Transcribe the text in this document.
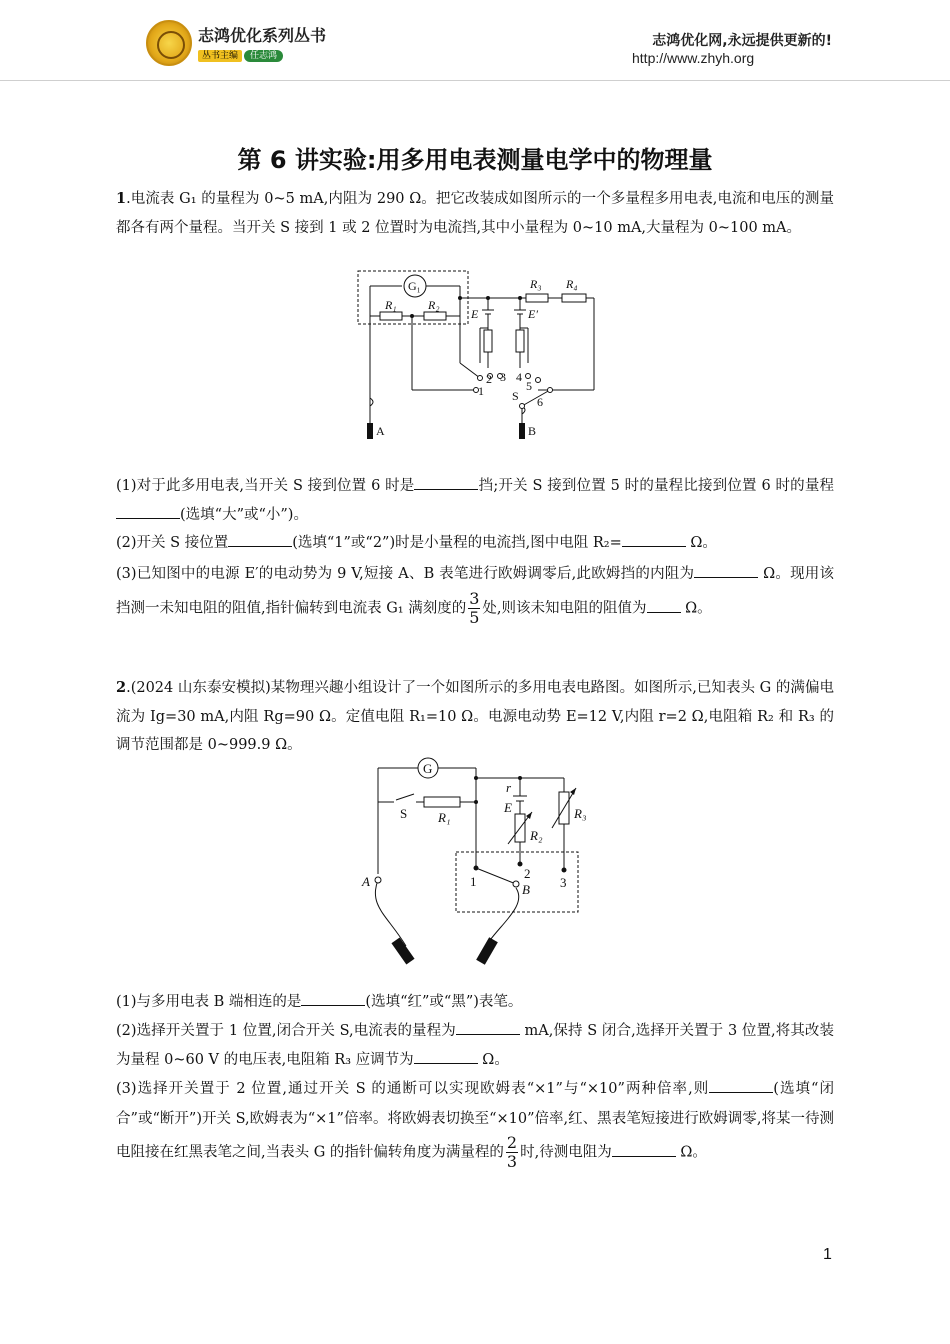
志鸿优化系列丛书
丛书主编 任志鸿
志鸿优化网,永远提供更新的!
http://www.zhyh.org
第 6 讲实验:用多用电表测量电学中的物理量
1.电流表 G₁ 的量程为 0~5 mA,内阻为 290 Ω。把它改装成如图所示的一个多量程多用电表,电流和电压的测量都各有两个量程。当开关 S 接到 1 或 2 位置时为电流挡,其中小量程为 0~10 mA,大量程为 0~100 mA。
G₁
R₁	R₂
R₃ R₄
E	E′
1
2 3 4
5
6
S
A	B
(1)对于此多用电表,当开关 S 接到位置 6 时是	挡;开关 S 接到位置 5 时的量程比接到位置 6 时的量程(选填“大”或“小”)。
(2)开关 S 接位置	(选填“1”或“2”)时是小量程的电流挡,图中电阻 R₂=	Ω。
(3)已知图中的电源 E′的电动势为 9 V,短接 A、B 表笔进行欧姆调零后,此欧姆挡的内阻为	Ω。现用该挡测一未知电阻的阻值,指针偏转到电流表 G₁ 满刻度的 $\frac{3}{5}$ 处,则该未知电阻的阻值为	Ω。
2.(2024 山东泰安模拟)某物理兴趣小组设计了一个如图所示的多用电表电路图。如图所示,已知表头 G 的满偏电流为 Ig=30 mA,内阻 Rg=90 Ω。定值电阻 R₁=10 Ω。电源电动势 E=12 V,内阻 r=2 Ω,电阻箱 R₂ 和 R₃ 的调节范围都是 0~999.9 Ω。
G
S R₁
r
E
R₂
R₃
A
B
1
2
3
(1)与多用电表 B 端相连的是	(选填“红”或“黑”)表笔。
(2)选择开关置于 1 位置,闭合开关 S,电流表的量程为	mA,保持 S 闭合,选择开关置于 3 位置,将其改装为量程 0~60 V 的电压表,电阻箱 R₃ 应调节为	Ω。
(3)选择开关置于 2 位置,通过开关 S 的通断可以实现欧姆表“×1”与“×10”两种倍率,则	(选填“闭合”或“断开”)开关 S,欧姆表为“×1”倍率。将欧姆表切换至“×10”倍率,红、黑表笔短接进行欧姆调零,将某一待测电阻接在红黑表笔之间,当表头 G 的指针偏转角度为满量程的 $\frac{2}{3}$ 时,待测电阻为	Ω。
1
